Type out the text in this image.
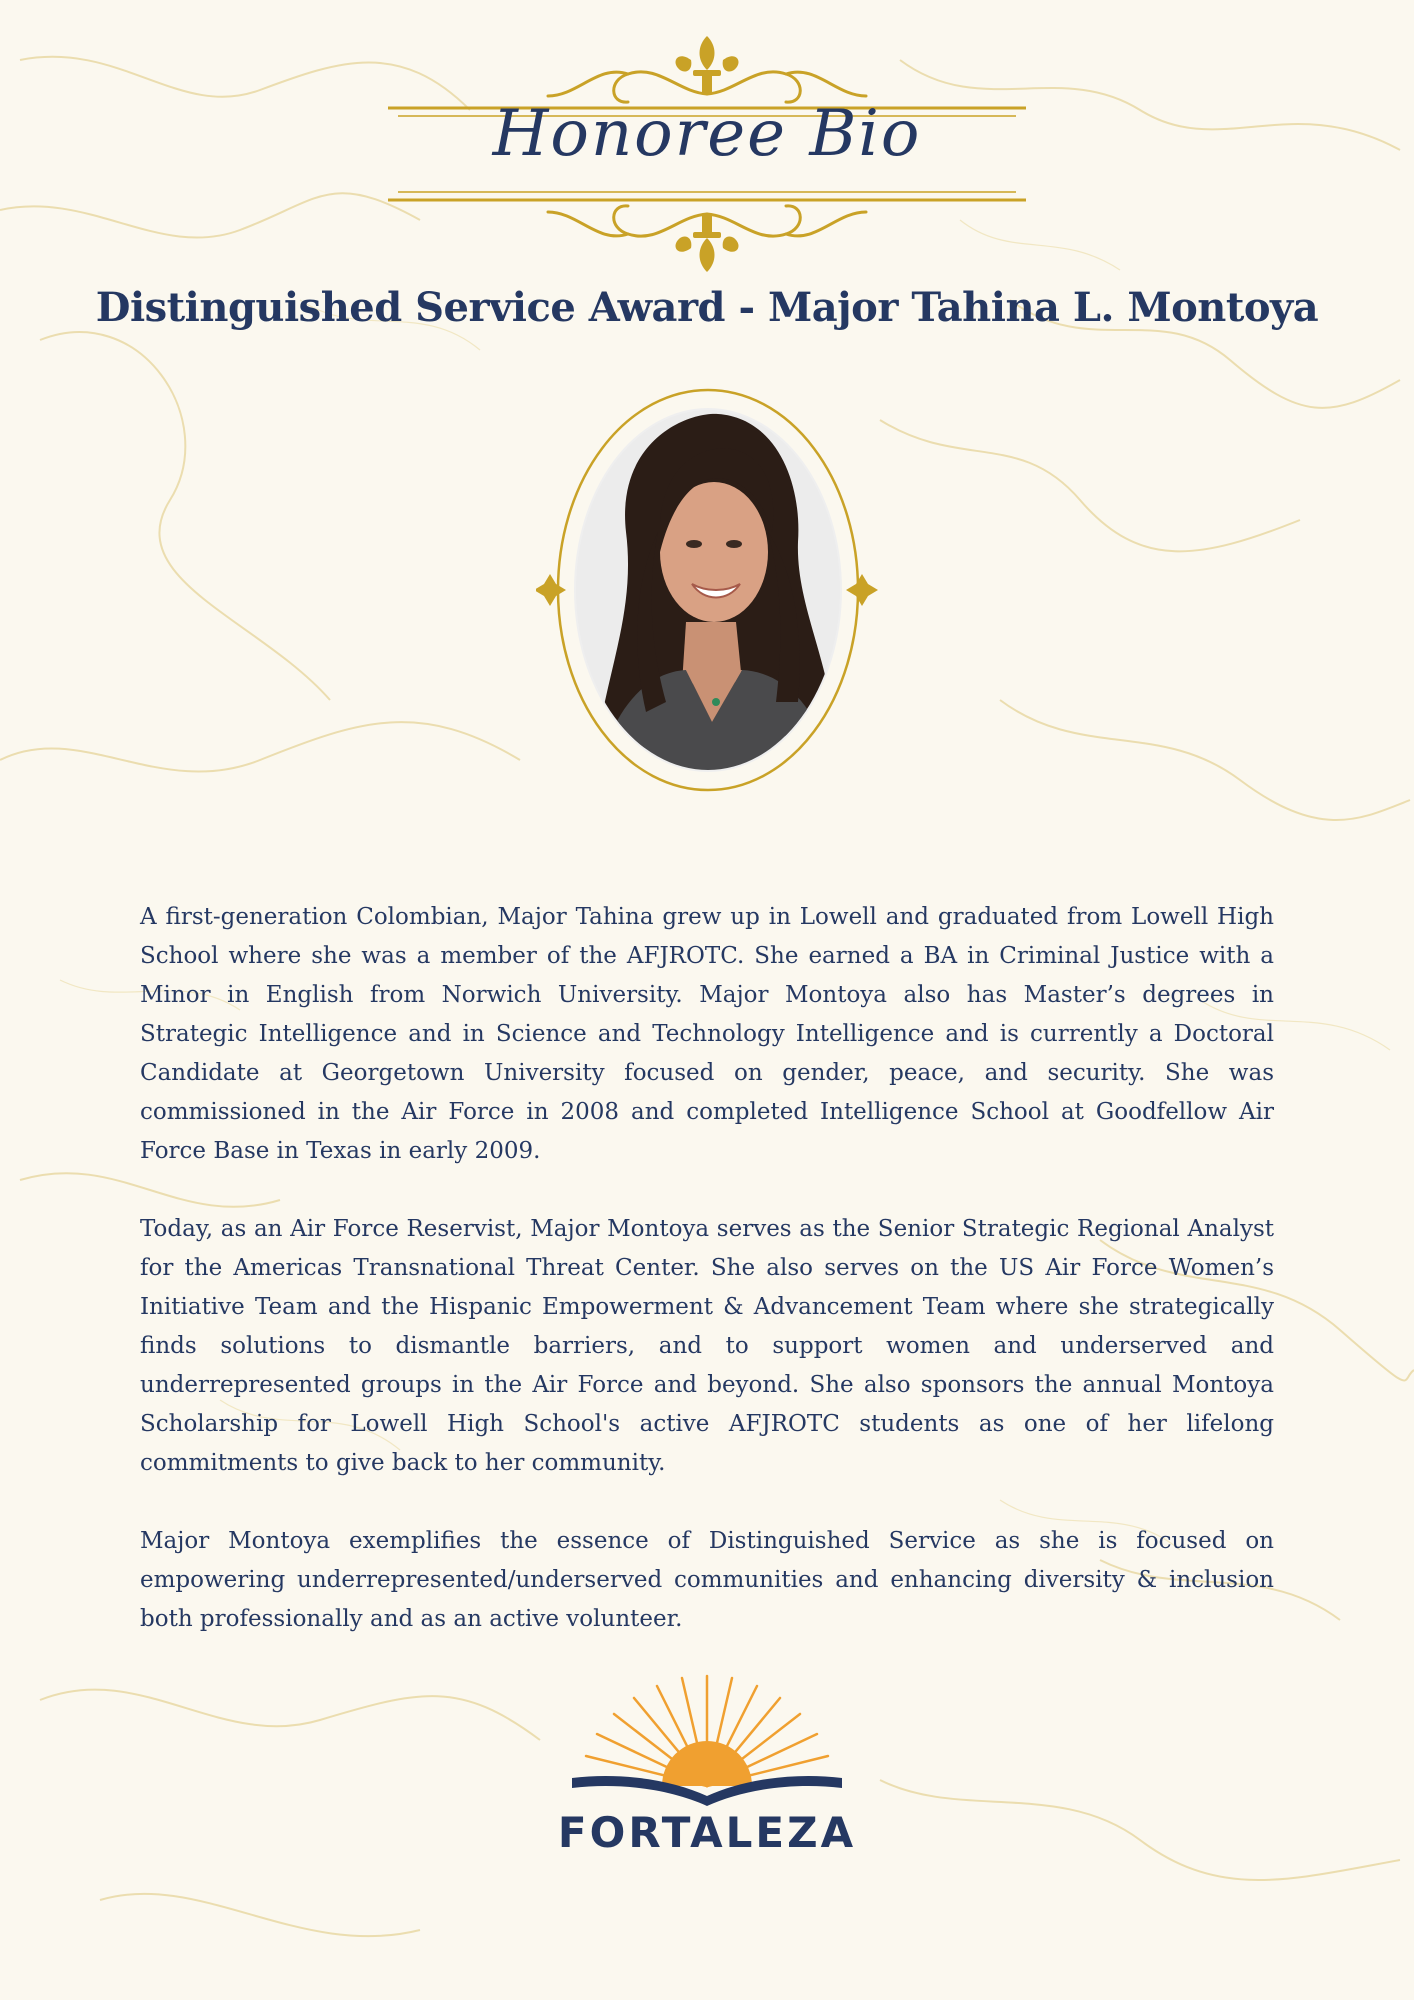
Honoree Bio
Distinguished Service Award - Major Tahina L. Montoya

A first-generation Colombian, Major Tahina grew up in Lowell and graduated from Lowell High School where she was a member of the AFJROTC. She earned a BA in Criminal Justice with a Minor in English from Norwich University. Major Montoya also has Master’s degrees in Strategic Intelligence and in Science and Technology Intelligence and is currently a Doctoral Candidate at Georgetown University focused on gender, peace, and security. She was commissioned in the Air Force in 2008 and completed Intelligence School at Goodfellow Air Force Base in Texas in early 2009.

Today, as an Air Force Reservist, Major Montoya serves as the Senior Strategic Regional Analyst for the Americas Transnational Threat Center. She also serves on the US Air Force Women’s Initiative Team and the Hispanic Empowerment & Advancement Team where she strategically finds solutions to dismantle barriers, and to support women and underserved and underrepresented groups in the Air Force and beyond. She also sponsors the annual Montoya Scholarship for Lowell High School's active AFJROTC students as one of her lifelong commitments to give back to her community.

Major Montoya exemplifies the essence of Distinguished Service as she is focused on empowering underrepresented/underserved communities and enhancing diversity & inclusion both professionally and as an active volunteer.

FORTALEZA
